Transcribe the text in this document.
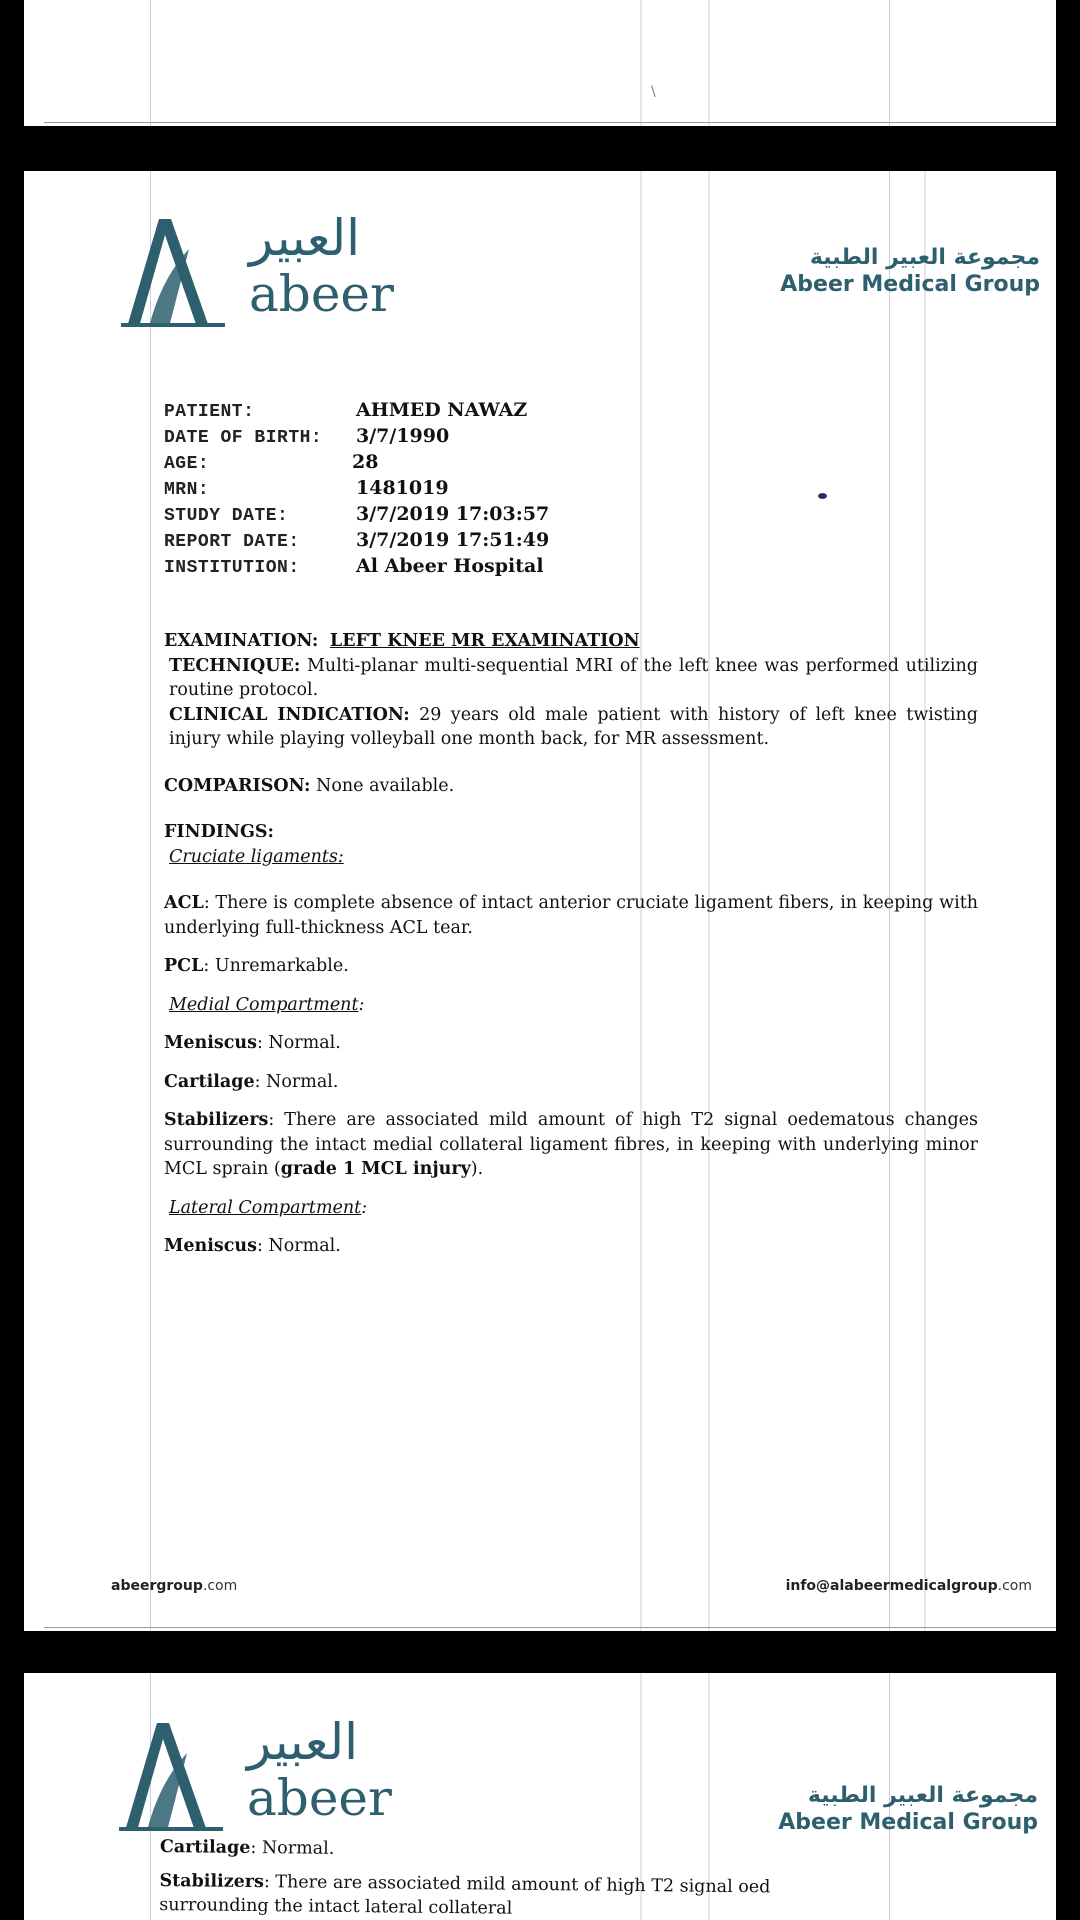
\
العبير
abeer
مجموعة العبير الطبية
Abeer Medical Group
PATIENT:	AHMED NAWAZ
DATE OF BIRTH:	3/7/1990
AGE:	28
MRN:	1481019
STUDY DATE:	3/7/2019 17:03:57
REPORT DATE:	3/7/2019 17:51:49
INSTITUTION:	Al Abeer Hospital

EXAMINATION: LEFT KNEE MR EXAMINATION

TECHNIQUE: Multi-planar multi-sequential MRI of the left knee was performed utilizing routine protocol.

CLINICAL INDICATION: 29 years old male patient with history of left knee twisting injury while playing volleyball one month back, for MR assessment.

COMPARISON: None available.

FINDINGS:

Cruciate ligaments:

ACL: There is complete absence of intact anterior cruciate ligament fibers, in keeping with underlying full-thickness ACL tear.

PCL: Unremarkable.

Medial Compartment:

Meniscus: Normal.

Cartilage: Normal.

Stabilizers: There are associated mild amount of high T2 signal oedematous changes surrounding the intact medial collateral ligament fibres, in keeping with underlying minor MCL sprain (grade 1 MCL injury).

Lateral Compartment:

Meniscus: Normal.

abeergroup.com	info@alabeermedicalgroup.com
العبير
abeer	مجموعة العبير الطبية
Abeer Medical Group

Cartilage: Normal.

Stabilizers: There are associated mild amount of high T2 signal oed

surrounding the intact lateral collateral
